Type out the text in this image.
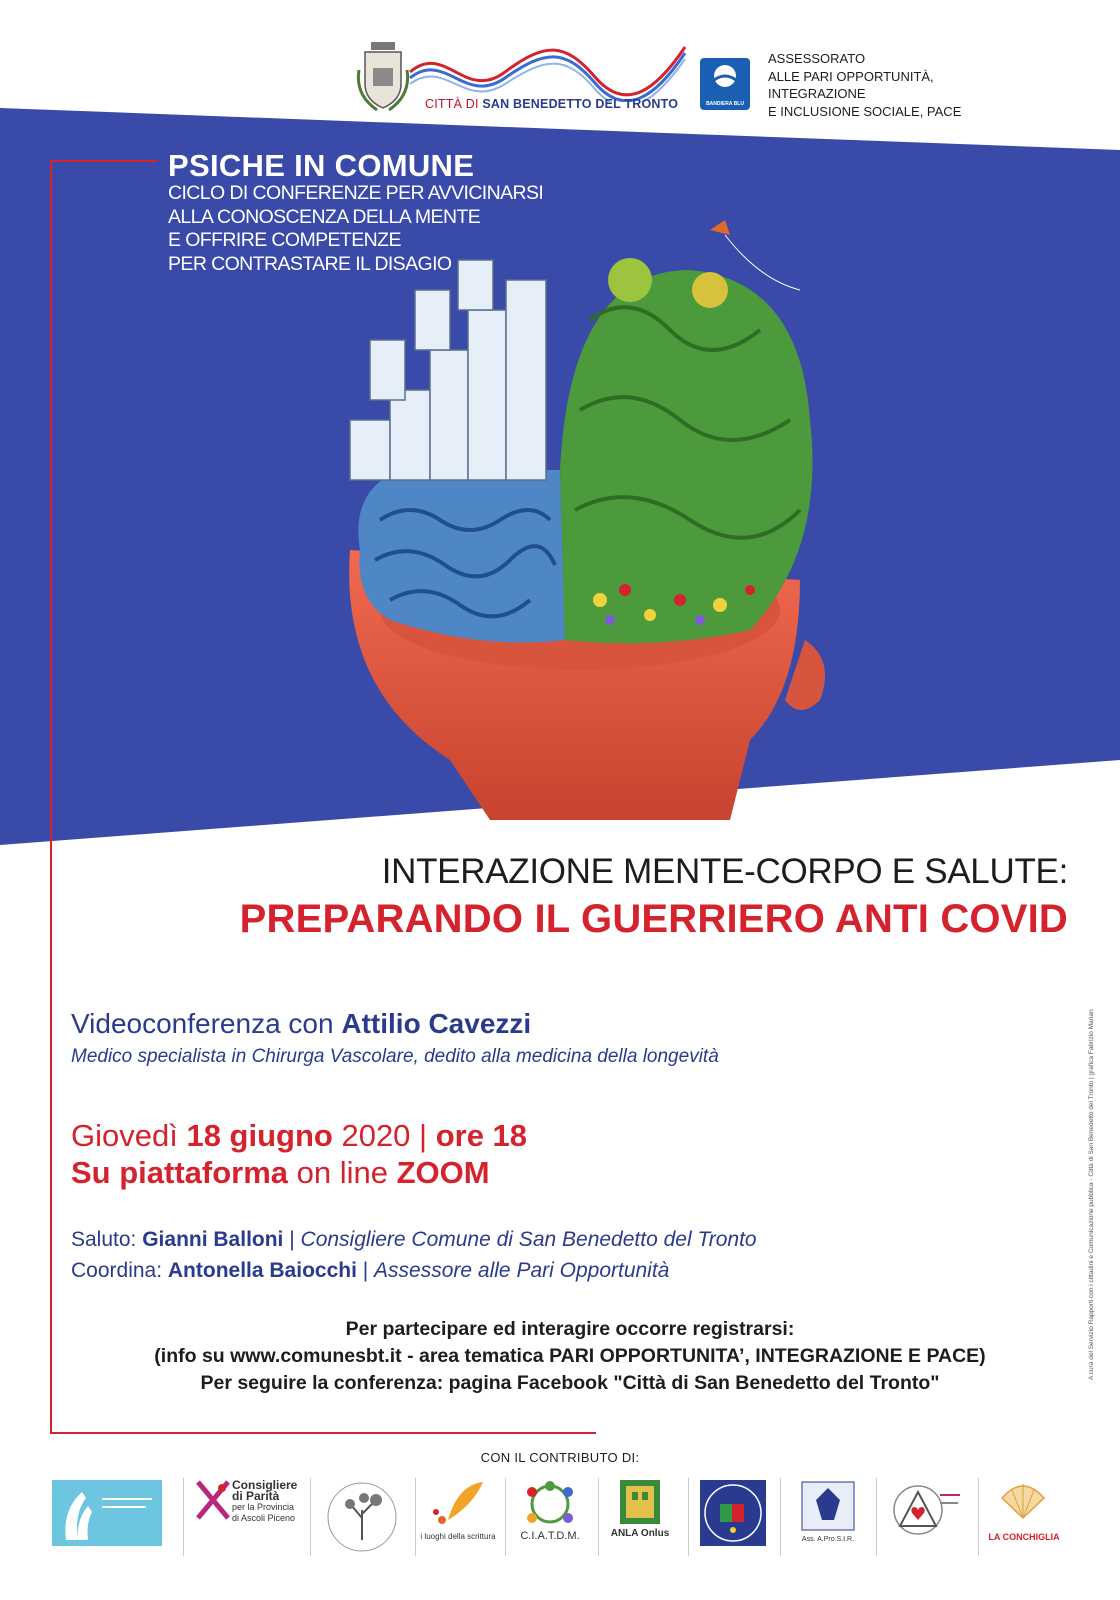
CITTÀ DI SAN BENEDETTO DEL TRONTO	BANDIERA BLU
ASSESSORATO
ALLE PARI OPPORTUNITÀ,
INTEGRAZIONE
E INCLUSIONE SOCIALE, PACE
PSICHE IN COMUNE
CICLO DI CONFERENZE PER AVVICINARSI
ALLA CONOSCENZA DELLA MENTE
E OFFRIRE COMPETENZE
PER CONTRASTARE IL DISAGIO
INTERAZIONE MENTE-CORPO E SALUTE:
PREPARANDO IL GUERRIERO ANTI COVID
Videoconferenza con Attilio Cavezzi
Medico specialista in Chirurga Vascolare, dedito alla medicina della longevità
Giovedì 18 giugno 2020 | ore 18
Su piattaforma on line ZOOM
Saluto: Gianni Balloni | Consigliere Comune di San Benedetto del Tronto
Coordina: Antonella Baiocchi | Assessore alle Pari Opportunità
Per partecipare ed interagire occorre registrarsi:
(info su www.comunesbt.it - area tematica PARI OPPORTUNITA’, INTEGRAZIONE E PACE)
Per seguire la conferenza: pagina Facebook "Città di San Benedetto del Tronto"
CON IL CONTRIBUTO DI:
Consigliere
di Parità
per la Provincia
di Ascoli Piceno
i luoghi della scrittura	C.I.A.T.D.M.	ANLA Onlus
Ass. A.Pro.S.I.R.	LA CONCHIGLIA
A cura del Servizio Rapporti con i cittadini e Comunicazione pubblica - Città di San Benedetto del Tronto | grafica Fabrizio Marian
